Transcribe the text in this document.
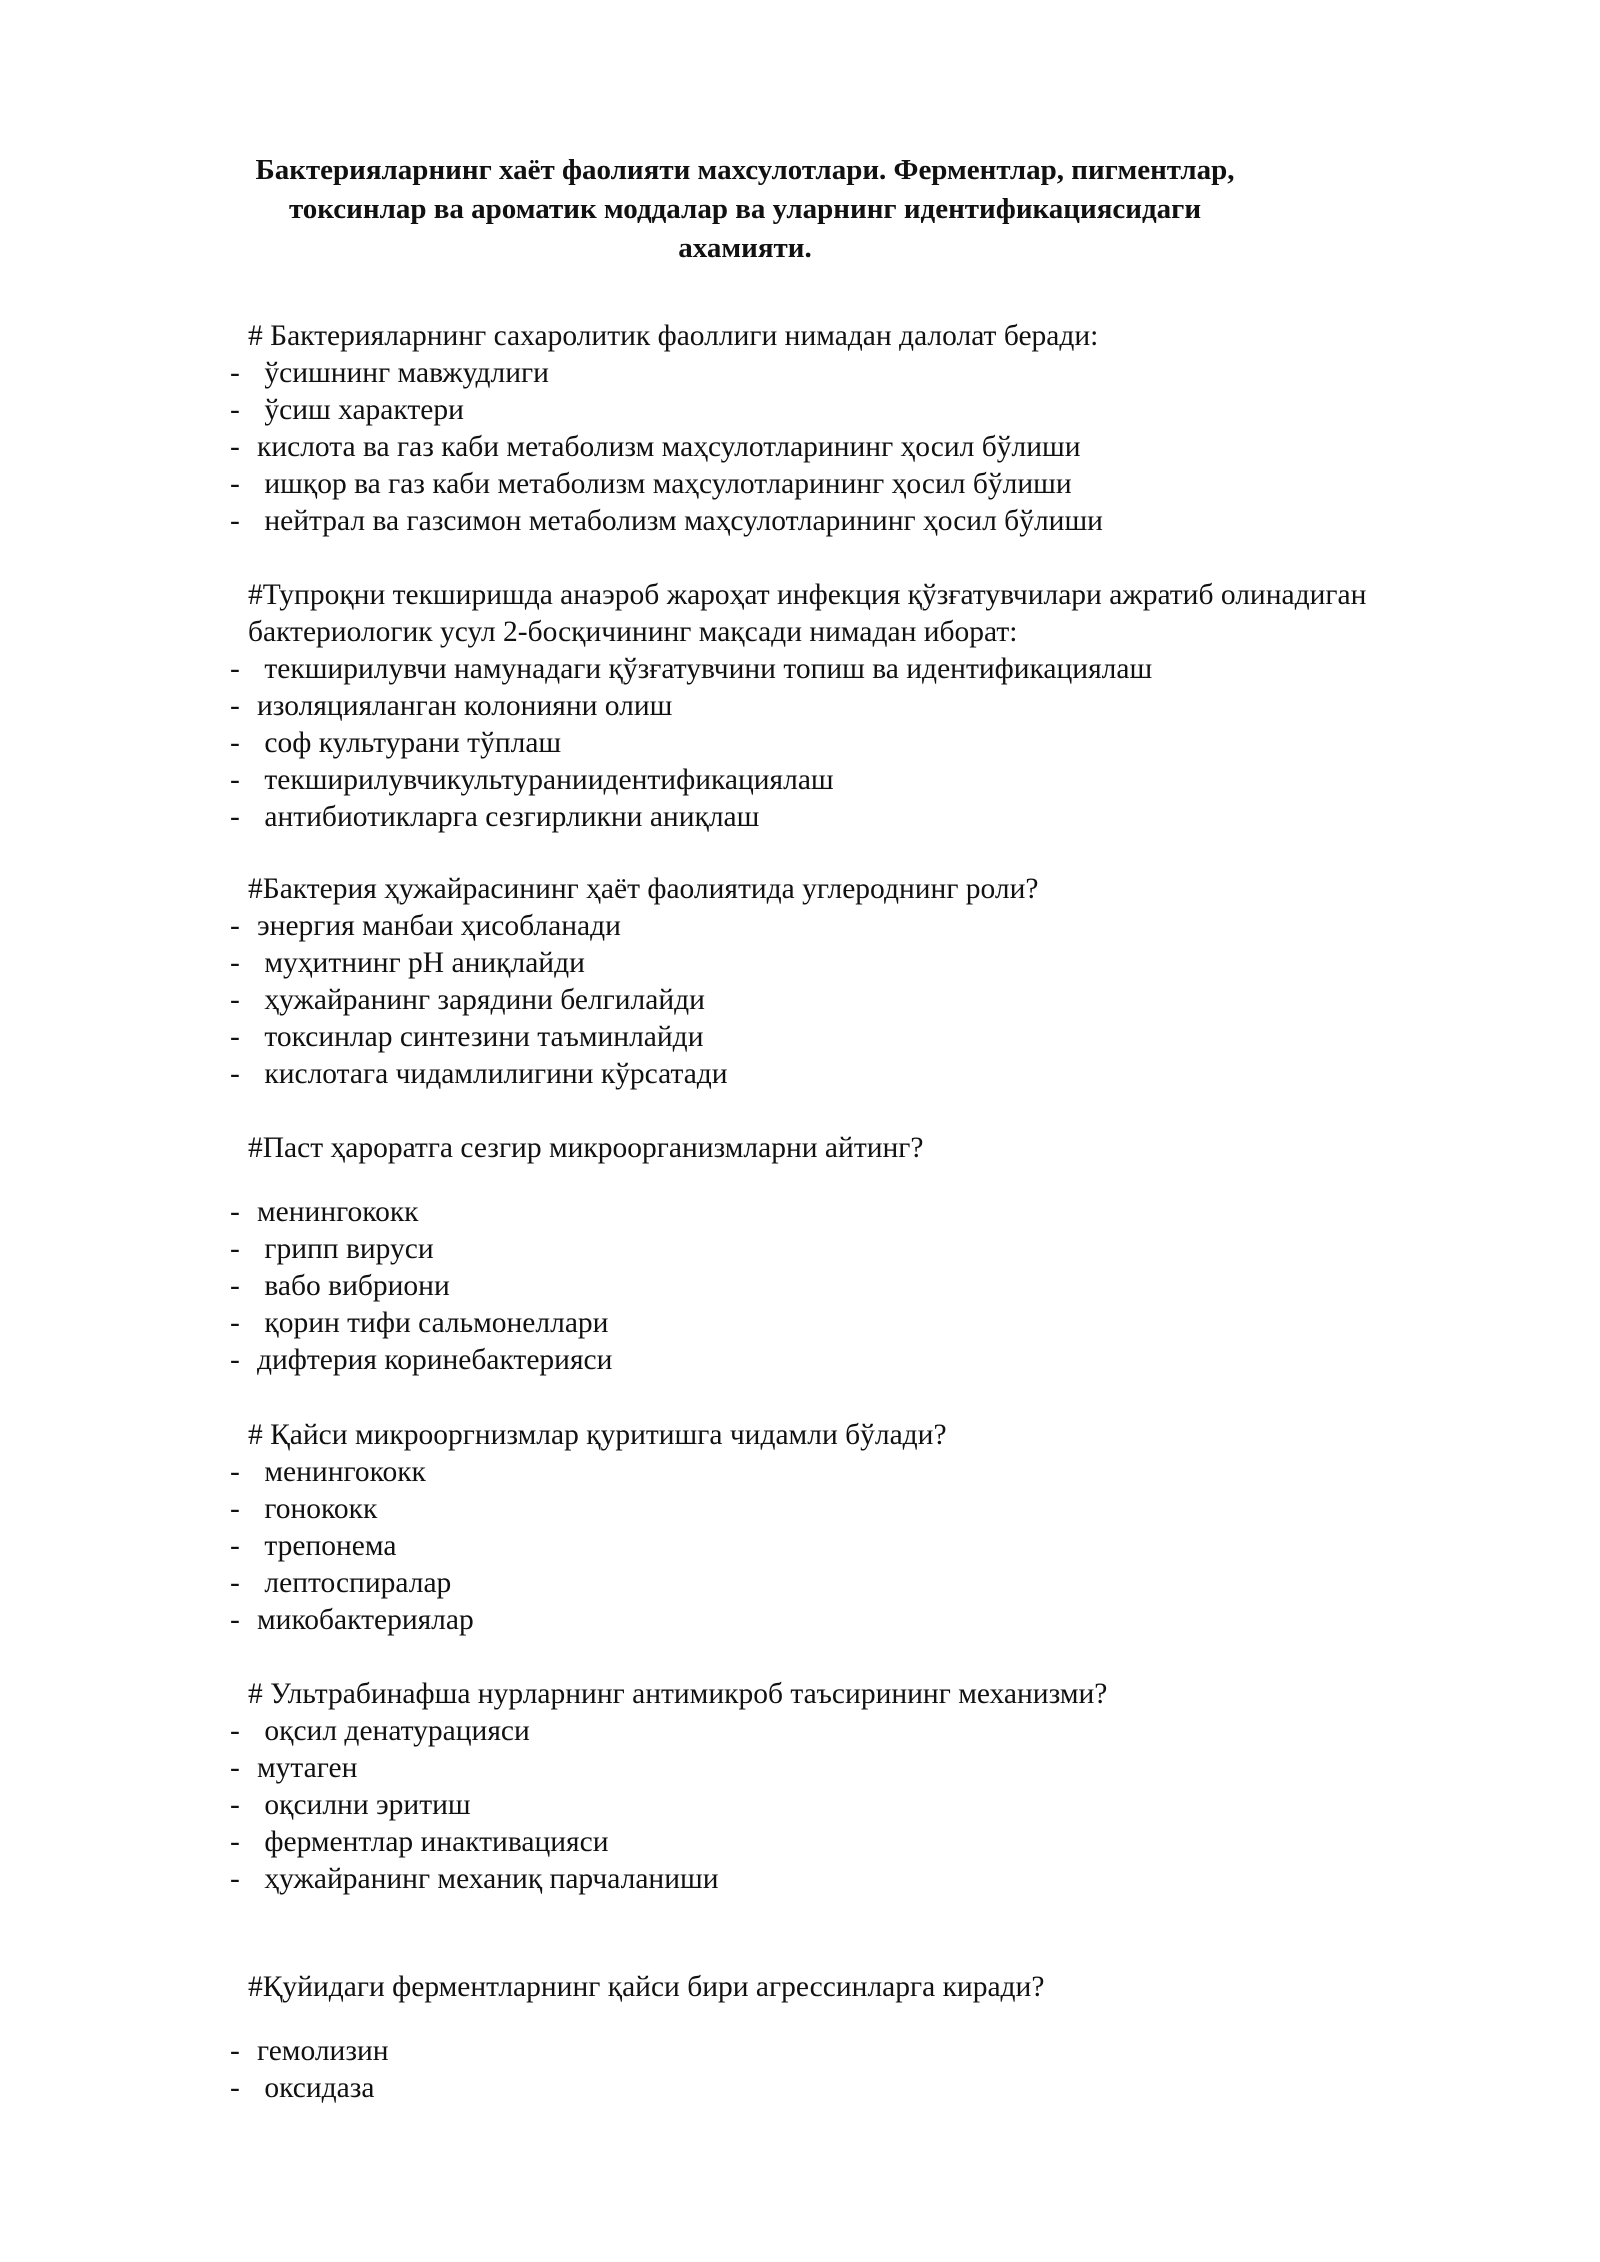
Бактерияларнинг хаёт фаолияти махсулотлари. Ферментлар, пигментлар,
токсинлар ва ароматик моддалар ва уларнинг идентификациясидаги ахамияти.

# Бактерияларнинг сахаролитик фаоллиги нимадан далолат беради:

- ўсишнинг мавжудлиги

- ўсиш характери

- кислота ва газ каби метаболизм маҳсулотларининг ҳосил бўлиши

- ишқор ва газ каби метаболизм маҳсулотларининг ҳосил бўлиши

- нейтрал ва газсимон метаболизм маҳсулотларининг ҳосил бўлиши

#Тупроқни текширишда анаэроб жароҳат инфекция қўзғатувчилари ажратиб олинадиган

бактериологик усул 2-босқичининг мақсади нимадан иборат:

- текширилувчи намунадаги қўзғатувчини топиш ва идентификациялаш

- изоляцияланган колонияни олиш

- соф культурани тўплаш

- текширилувчикультураниидентификациялаш

- антибиотикларга сезгирликни аниқлаш

#Бактерия ҳужайрасининг ҳаёт фаолиятида углероднинг роли?

- энергия манбаи ҳисобланади

- муҳитнинг pH аниқлайди

- ҳужайранинг зарядини белгилайди

- токсинлар синтезини таъминлайди

- кислотага чидамлилигини кўрсатади

#Паст ҳароратга сезгир микроорганизмларни айтинг?

- менингококк

- грипп вируси

- вабо вибриони

- қорин тифи сальмонеллари

- дифтерия коринебактерияси

# Қайси микрооргнизмлар қуритишга чидамли бўлади?

- менингококк

- гонококк

- трепонема

- лептоспиралар

- микобактериялар

# Ультрабинафша нурларнинг антимикроб таъсирининг механизми?

- оқсил денатурацияси

- мутаген

- оқсилни эритиш

- ферментлар инактивацияси

- ҳужайранинг механиқ парчаланиши

#Қуйидаги ферментларнинг қайси бири агрессинларга киради?

- гемолизин

- оксидаза
